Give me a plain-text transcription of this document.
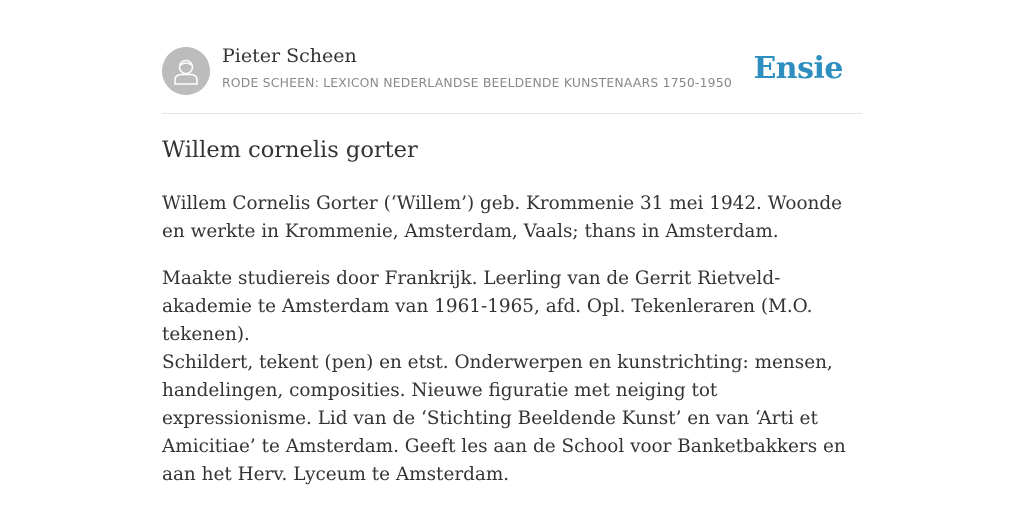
Pieter Scheen
RODE SCHEEN: LEXICON NEDERLANDSE BEELDENDE KUNSTENAARS 1750-1950 Ensie
Willem cornelis gorter

Willem Cornelis Gorter (‘Willem’) geb. Krommenie 31 mei 1942. Woonde en werkte in Krommenie, Amsterdam, Vaals; thans in Amsterdam.

Maakte studiereis door Frankrijk. Leerling van de Gerrit Rietveld-akademie te Amsterdam van 1961-1965, afd. Opl. Tekenleraren (M.O. tekenen).

Schildert, tekent (pen) en etst. Onderwerpen en kunstrichting: mensen, handelingen, composities. Nieuwe figuratie met neiging tot expressionisme. Lid van de ‘Stichting Beeldende Kunst’ en van ‘Arti et Amicitiae’ te Amsterdam. Geeft les aan de School voor Banketbakkers en aan het Herv. Lyceum te Amsterdam.
